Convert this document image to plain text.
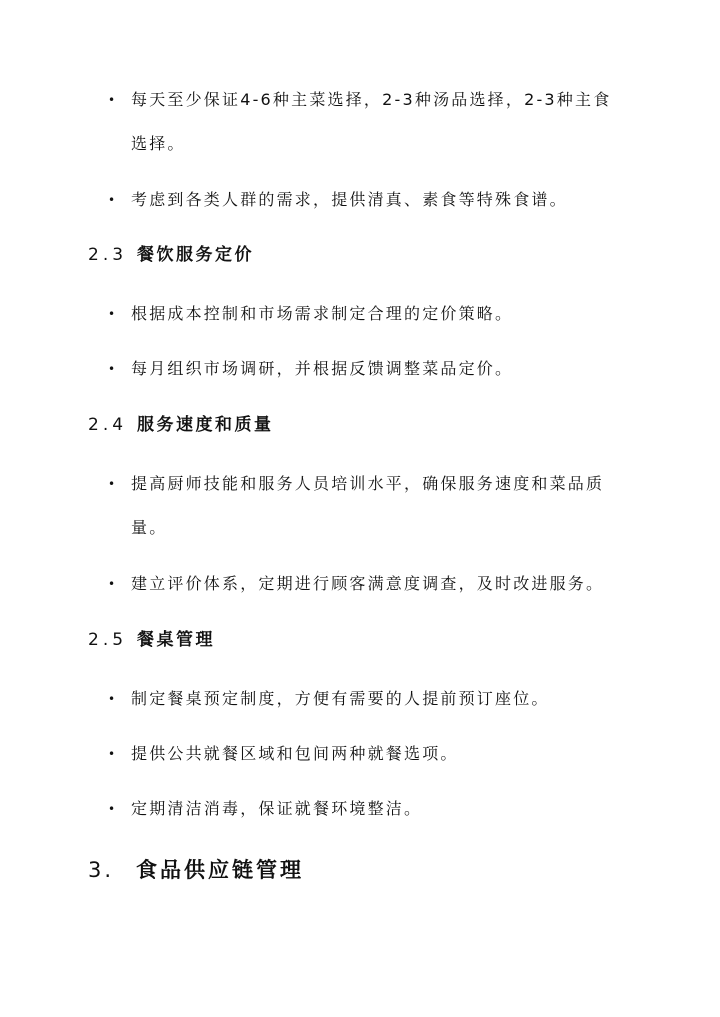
• 每天至少保证4-6种主菜选择，2-3种汤品选择，2-3种主食选择。
• 考虑到各类人群的需求，提供清真、素食等特殊食谱。
2.3 餐饮服务定价
• 根据成本控制和市场需求制定合理的定价策略。
• 每月组织市场调研，并根据反馈调整菜品定价。
2.4 服务速度和质量
• 提高厨师技能和服务人员培训水平，确保服务速度和菜品质量。
• 建立评价体系，定期进行顾客满意度调查，及时改进服务。
2.5 餐桌管理
• 制定餐桌预定制度，方便有需要的人提前预订座位。
• 提供公共就餐区域和包间两种就餐选项。
• 定期清洁消毒，保证就餐环境整洁。
3. 食品供应链管理
